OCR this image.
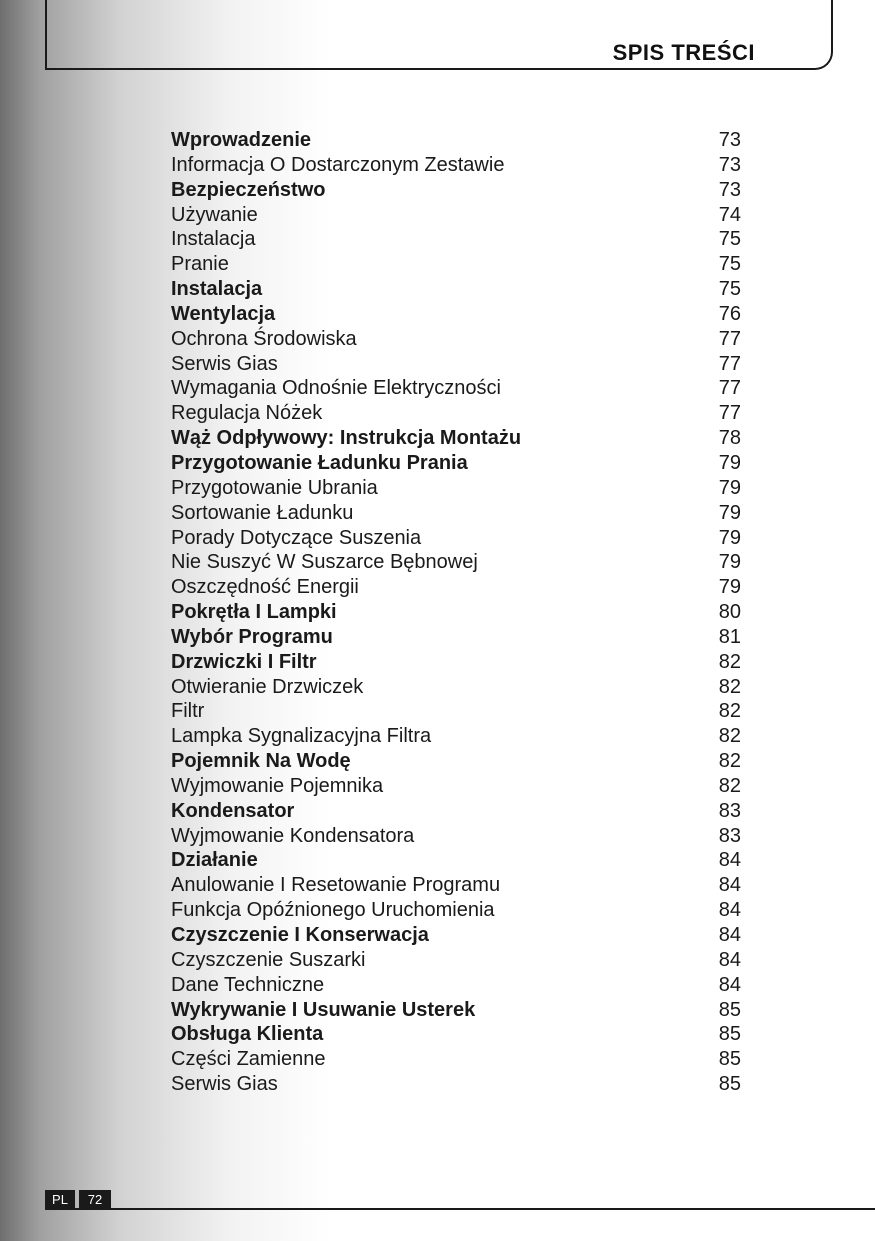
SPIS TREŚCI
Wprowadzenie	73
Informacja O Dostarczonym Zestawie	73
Bezpieczeństwo	73
Używanie	74
Instalacja	75
Pranie	75
Instalacja	75
Wentylacja	76
Ochrona Środowiska	77
Serwis Gias	77
Wymagania Odnośnie Elektryczności	77
Regulacja Nóżek	77
Wąż Odpływowy: Instrukcja Montażu	78
Przygotowanie Ładunku Prania	79
Przygotowanie Ubrania	79
Sortowanie Ładunku	79
Porady Dotyczące Suszenia	79
Nie Suszyć W Suszarce Bębnowej	79
Oszczędność Energii	79
Pokrętła I Lampki	80
Wybór Programu	81
Drzwiczki I Filtr	82
Otwieranie Drzwiczek	82
Filtr	82
Lampka Sygnalizacyjna Filtra	82
Pojemnik Na Wodę	82
Wyjmowanie Pojemnika	82
Kondensator	83
Wyjmowanie Kondensatora	83
Działanie	84
Anulowanie I Resetowanie Programu	84
Funkcja Opóźnionego Uruchomienia	84
Czyszczenie I Konserwacja	84
Czyszczenie Suszarki	84
Dane Techniczne	84
Wykrywanie I Usuwanie Usterek	85
Obsługa Klienta	85
Części Zamienne	85
Serwis Gias	85
PL	72
